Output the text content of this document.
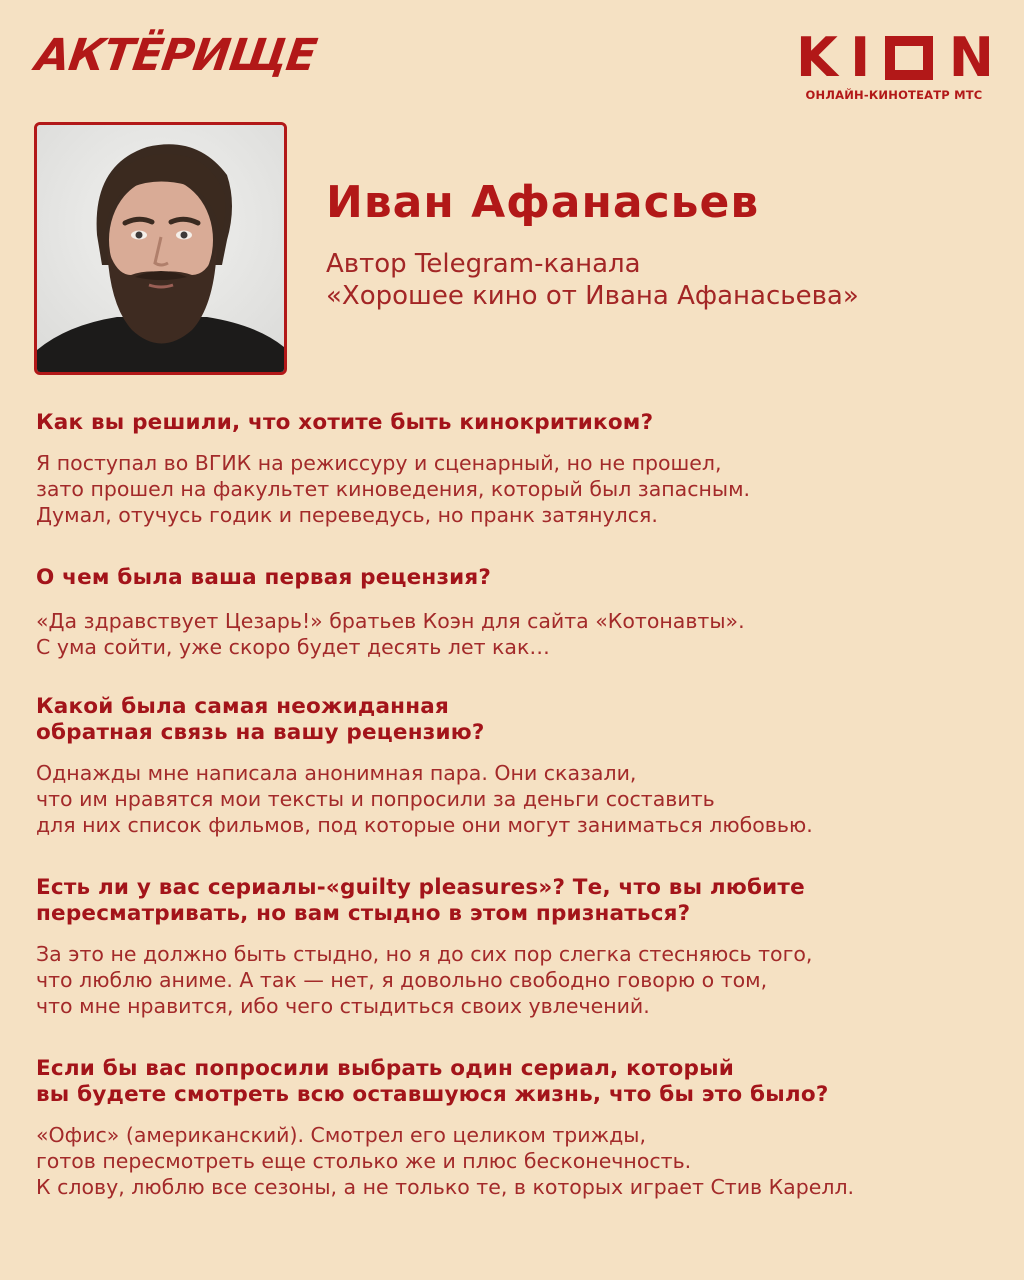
АКТЁРИЩЕ	K I N
ОНЛАЙН-КИНОТЕАТР МТС
Иван Афанасьев
Автор Telegram-канала
«Хорошее кино от Ивана Афанасьева»
Как вы решили, что хотите быть кинокритиком?
Я поступал во ВГИК на режиссуру и сценарный, но не прошел,
зато прошел на факультет киноведения, который был запасным.
Думал, отучусь годик и переведусь, но пранк затянулся.
О чем была ваша первая рецензия?
«Да здравствует Цезарь!» братьев Коэн для сайта «Котонавты».
С ума сойти, уже скоро будет десять лет как…
Какой была самая неожиданная
обратная связь на вашу рецензию?
Однажды мне написала анонимная пара. Они сказали,
что им нравятся мои тексты и попросили за деньги составить
для них список фильмов, под которые они могут заниматься любовью.
Есть ли у вас сериалы-«guilty pleasures»? Те, что вы любите
пересматривать, но вам стыдно в этом признаться?
За это не должно быть стыдно, но я до сих пор слегка стесняюсь того,
что люблю аниме. А так — нет, я довольно свободно говорю о том,
что мне нравится, ибо чего стыдиться своих увлечений.
Если бы вас попросили выбрать один сериал, который
вы будете смотреть всю оставшуюся жизнь, что бы это было?
«Офис» (американский). Смотрел его целиком трижды,
готов пересмотреть еще столько же и плюс бесконечность.
К слову, люблю все сезоны, а не только те, в которых играет Стив Карелл.
